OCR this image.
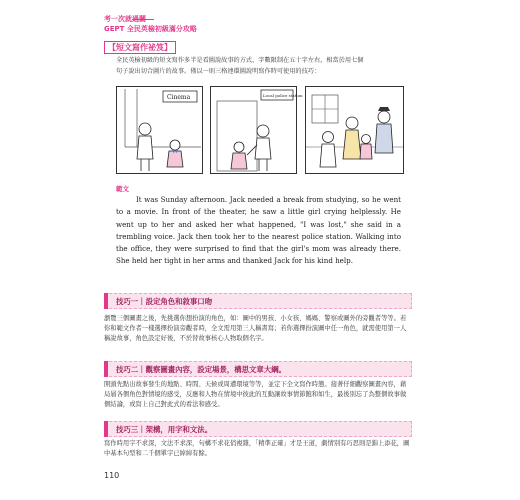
考一次就過關
GEPT 全民英檢初級滿分攻略
【短文寫作祕笈】
全民英檢初級的短文寫作多半是看圖說故事的方式，字數限制在五十字左右，相當於用七個
句子說出切合圖片的故事。僅以一則三格連環圖說明寫作時可使用的技巧：
Cinema	Local police station
範文
It was Sunday afternoon. Jack needed a break from studying, so he went to a movie. In front of the theater, he saw a little girl crying helplessly. He went up to her and asked her what happened, "I was lost," she said in a trembling voice. Jack then took her to the nearest police station. Walking into the office, they were surprised to find that the girl's mom was already there. She held her tight in her arms and thanked Jack for his kind help.
技巧一｜設定角色和敘事口吻
瀏覽三個圖畫之後，先挑選你想扮演的角色，如：圖中的男孩、小女孩、媽媽、警察或圖外的旁觀者等等。若你和範文作者一樣選擇扮演旁觀者時，全文需用第三人稱書寫；若你選擇扮演圖中任一角色，就需使用第一人稱說故事，角色設定好後，不於替故事核心人物取個名字。
技巧二｜觀察圖畫內容，設定場景，構思文章大綱。
開頭先點出故事發生的地點、時間、天候或周遭環境等等，並定下全文寫作時態。接著仔細觀察圖畫內容，藉局層各個角色對情境的感受，反應和人物在情境中彼此的互動讓故事情節飽和如生，最後別忘了為整個故事做個結論，或寫上自己對此式的看法和感受。
技巧三｜架構，用字和文法。
寫作時用字不求深，文法不求深，句構不求花俏複雜，「精準正確」才是王道，劇情別有巧思則是錦上添花，圖中基本句型和二千個單字已綽綽有餘。
110
